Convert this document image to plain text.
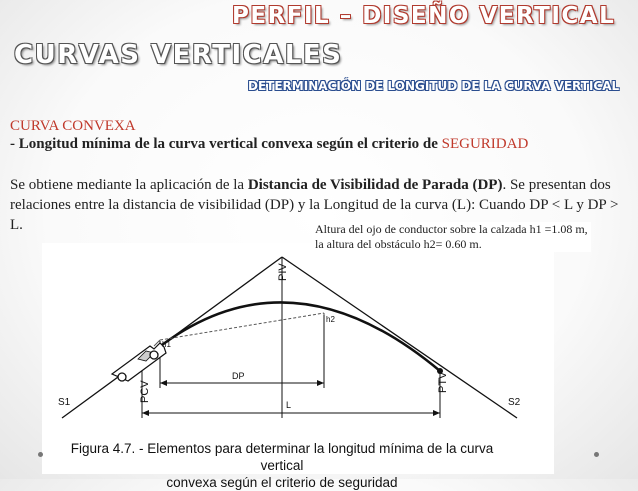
PERFIL – DISEÑO VERTICAL
CURVAS VERTICALES
DETERMINACIÓN DE LONGITUD DE LA CURVA VERTICAL
CURVA CONVEXA
- Longitud mínima de la curva vertical convexa según el criterio de SEGURIDAD
Se obtiene mediante la aplicación de la Distancia de Visibilidad de Parada (DP). Se presentan dos relaciones entre la distancia de visibilidad (DP) y la Longitud de la curva (L): Cuando DP < L y DP > L.
PIV
PCV	PTV
h1
h2
DP
L
S1	S2
Altura del ojo de conductor sobre la calzada h1 =1.08 m,
la altura del obstáculo h2= 0.60 m.
Figura 4.7. - Elementos para determinar la longitud mínima de la curva vertical
convexa según el criterio de seguridad
